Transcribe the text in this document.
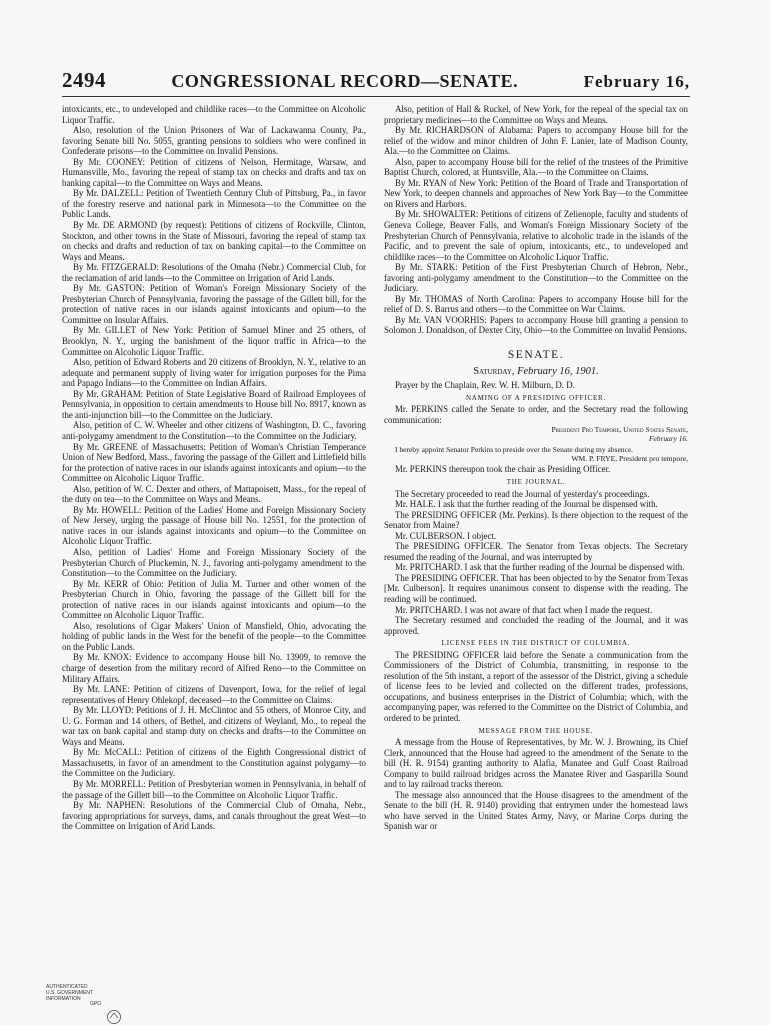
2494	CONGRESSIONAL RECORD—SENATE.	February 16,

intoxicants, etc., to undeveloped and childlike races—to the Committee on Alcoholic Liquor Traffic.

Also, resolution of the Union Prisoners of War of Lackawanna County, Pa., favoring Senate bill No. 5055, granting pensions to soldiers who were confined in Confederate prisons—to the Committee on Invalid Pensions.

By Mr. COONEY: Petition of citizens of Nelson, Hermitage, Warsaw, and Humansville, Mo., favoring the repeal of stamp tax on checks and drafts and tax on banking capital—to the Committee on Ways and Means.

By Mr. DALZELL: Petition of Twentieth Century Club of Pittsburg, Pa., in favor of the forestry reserve and national park in Minnesota—to the Committee on the Public Lands.

By Mr. DE ARMOND (by request): Petitions of citizens of Rockville, Clinton, Stockton, and other towns in the State of Missouri, favoring the repeal of stamp tax on checks and drafts and reduction of tax on banking capital—to the Committee on Ways and Means.

By Mr. FITZGERALD: Resolutions of the Omaha (Nebr.) Commercial Club, for the reclamation of arid lands—to the Committee on Irrigation of Arid Lands.

By Mr. GASTON: Petition of Woman's Foreign Missionary Society of the Presbyterian Church of Pennsylvania, favoring the passage of the Gillett bill, for the protection of native races in our islands against intoxicants and opium—to the Committee on Insular Affairs.

By Mr. GILLET of New York: Petition of Samuel Miner and 25 others, of Brooklyn, N. Y., urging the banishment of the liquor traffic in Africa—to the Committee on Alcoholic Liquor Traffic.

Also, petition of Edward Roberts and 20 citizens of Brooklyn, N. Y., relative to an adequate and permanent supply of living water for irrigation purposes for the Pima and Papago Indians—to the Committee on Indian Affairs.

By Mr. GRAHAM: Petition of State Legislative Board of Railroad Employees of Pennsylvania, in opposition to certain amendments to House bill No. 8917, known as the anti-injunction bill—to the Committee on the Judiciary.

Also, petition of C. W. Wheeler and other citizens of Washington, D. C., favoring anti-polygamy amendment to the Constitution—to the Committee on the Judiciary.

By Mr. GREENE of Massachusetts: Petition of Woman's Christian Temperance Union of New Bedford, Mass., favoring the passage of the Gillett and Littlefield bills for the protection of native races in our islands against intoxicants and opium—to the Committee on Alcoholic Liquor Traffic.

Also, petition of W. C. Dexter and others, of Mattapoisett, Mass., for the repeal of the duty on tea—to the Committee on Ways and Means.

By Mr. HOWELL: Petition of the Ladies' Home and Foreign Missionary Society of New Jersey, urging the passage of House bill No. 12551, for the protection of native races in our islands against intoxicants and opium—to the Committee on Alcoholic Liquor Traffic.

Also, petition of Ladies' Home and Foreign Missionary Society of the Presbyterian Church of Pluckemin, N. J., favoring anti-polygamy amendment to the Constitution—to the Committee on the Judiciary.

By Mr. KERR of Ohio: Petition of Julia M. Turner and other women of the Presbyterian Church in Ohio, favoring the passage of the Gillett bill for the protection of native races in our islands against intoxicants and opium—to the Committee on Alcoholic Liquor Traffic.

Also, resolutions of Cigar Makers' Union of Mansfield, Ohio, advocating the holding of public lands in the West for the benefit of the people—to the Committee on the Public Lands.

By Mr. KNOX: Evidence to accompany House bill No. 13909, to remove the charge of desertion from the military record of Alfred Reno—to the Committee on Military Affairs.

By Mr. LANE: Petition of citizens of Davenport, Iowa, for the relief of legal representatives of Henry Ohlekopf, deceased—to the Committee on Claims.

By Mr. LLOYD: Petitions of J. H. McClintoc and 55 others, of Monroe City, and U. G. Forman and 14 others, of Bethel, and citizens of Weyland, Mo., to repeal the war tax on bank capital and stamp duty on checks and drafts—to the Committee on Ways and Means.

By Mr. McCALL: Petition of citizens of the Eighth Congressional district of Massachusetts, in favor of an amendment to the Constitution against polygamy—to the Committee on the Judiciary.

By Mr. MORRELL: Petition of Presbyterian women in Pennsylvania, in behalf of the passage of the Gillett bill—to the Committee on Alcoholic Liquor Traffic.

By Mr. NAPHEN: Resolutions of the Commercial Club of Omaha, Nebr., favoring appropriations for surveys, dams, and canals throughout the great West—to the Committee on Irrigation of Arid Lands.

Also, petition of Hall & Ruckel, of New York, for the repeal of the special tax on proprietary medicines—to the Committee on Ways and Means.

By Mr. RICHARDSON of Alabama: Papers to accompany House bill for the relief of the widow and minor children of John F. Lanier, late of Madison County, Ala.—to the Committee on Claims.

Also, paper to accompany House bill for the relief of the trustees of the Primitive Baptist Church, colored, at Huntsville, Ala.—to the Committee on Claims.

By Mr. RYAN of New York: Petition of the Board of Trade and Transportation of New York, to deepen channels and approaches of New York Bay—to the Committee on Rivers and Harbors.

By Mr. SHOWALTER: Petitions of citizens of Zelienople, faculty and students of Geneva College, Beaver Falls, and Woman's Foreign Missionary Society of the Presbyterian Church of Pennsylvania, relative to alcoholic trade in the islands of the Pacific, and to prevent the sale of opium, intoxicants, etc., to undeveloped and childlike races—to the Committee on Alcoholic Liquor Traffic.

By Mr. STARK: Petition of the First Presbyterian Church of Hebron, Nebr., favoring anti-polygamy amendment to the Constitution—to the Committee on the Judiciary.

By Mr. THOMAS of North Carolina: Papers to accompany House bill for the relief of D. S. Barrus and others—to the Committee on War Claims.

By Mr. VAN VOORHIS: Papers to accompany House bill granting a pension to Solomon J. Donaldson, of Dexter City, Ohio—to the Committee on Invalid Pensions.

SENATE.

Saturday, February 16, 1901.

Prayer by the Chaplain, Rev. W. H. Milburn, D. D.

NAMING OF A PRESIDING OFFICER.

Mr. PERKINS called the Senate to order, and the Secretary read the following communication:

President Pro Tempore, United States Senate,

February 16.

I hereby appoint Senator Perkins to preside over the Senate during my absence.

WM. P. FRYE, President pro tempore,

Mr. PERKINS thereupon took the chair as Presiding Officer.

THE JOURNAL.

The Secretary proceeded to read the Journal of yesterday's proceedings.

Mr. HALE. I ask that the further reading of the Journal be dispensed with.

The PRESIDING OFFICER (Mr. Perkins). Is there objection to the request of the Senator from Maine?

Mr. CULBERSON. I object.

The PRESIDING OFFICER. The Senator from Texas objects. The Secretary resumed the reading of the Journal, and was interrupted by

Mr. PRITCHARD. I ask that the further reading of the Journal be dispensed with.

The PRESIDING OFFICER. That has been objected to by the Senator from Texas [Mr. Culberson]. It requires unanimous consent to dispense with the reading. The reading will be continued.

Mr. PRITCHARD. I was not aware of that fact when I made the request.

The Secretary resumed and concluded the reading of the Journal, and it was approved.

LICENSE FEES IN THE DISTRICT OF COLUMBIA.

The PRESIDING OFFICER laid before the Senate a communication from the Commissioners of the District of Columbia, transmitting, in response to the resolution of the 5th instant, a report of the assessor of the District, giving a schedule of license fees to be levied and collected on the different trades, professions, occupations, and business enterprises in the District of Columbia; which, with the accompanying paper, was referred to the Committee on the District of Columbia, and ordered to be printed.

MESSAGE FROM THE HOUSE.

A message from the House of Representatives, by Mr. W. J. Browning, its Chief Clerk, announced that the House had agreed to the amendment of the Senate to the bill (H. R. 9154) granting authority to Alafia, Manatee and Gulf Coast Railroad Company to build railroad bridges across the Manatee River and Gasparilla Sound and to lay railroad tracks thereon.

The message also announced that the House disagrees to the amendment of the Senate to the bill (H. R. 9140) providing that entrymen under the homestead laws who have served in the United States Army, Navy, or Marine Corps during the Spanish war or

AUTHENTICATED
U.S. GOVERNMENT
INFORMATION
GPO
